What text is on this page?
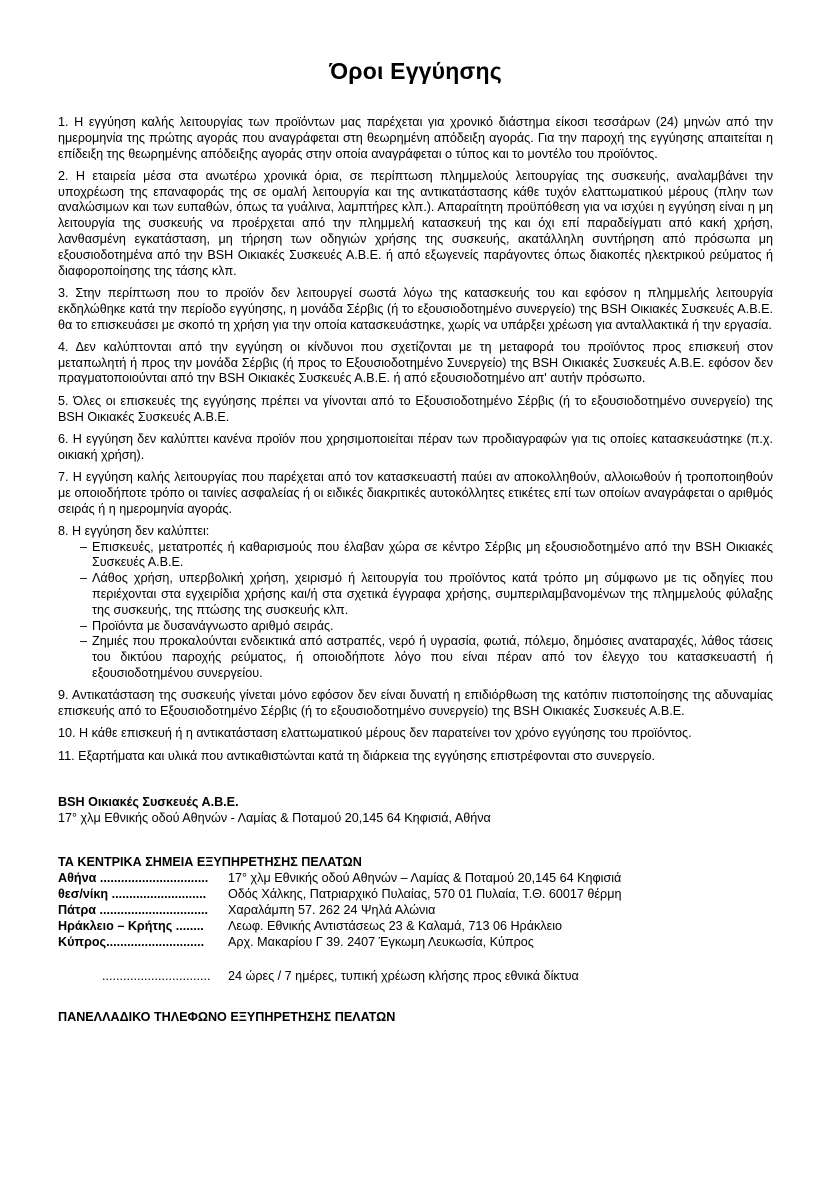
Όροι Εγγύησης

1. Η εγγύηση καλής λειτουργίας των προϊόντων μας παρέχεται για χρονικό διάστημα είκοσι τεσσάρων (24) μηνών από την ημερομηνία της πρώτης αγοράς που αναγράφεται στη θεωρημένη απόδειξη αγοράς. Για την παροχή της εγγύησης απαιτείται η επίδειξη της θεωρημένης απόδειξης αγοράς στην οποία αναγράφεται ο τύπος και το μοντέλο του προϊόντος.

2. Η εταιρεία μέσα στα ανωτέρω χρονικά όρια, σε περίπτωση πλημμελούς λειτουργίας της συσκευής, αναλαμβάνει την υποχρέωση της επαναφοράς της σε ομαλή λειτουργία και της αντικατάστασης κάθε τυχόν ελαττωματικού μέρους (πλην των αναλώσιμων και των ευπαθών, όπως τα γυάλινα, λαμπτήρες κλπ.). Απαραίτητη προϋπόθεση για να ισχύει η εγγύηση είναι η μη λειτουργία της συσκευής να προέρχεται από την πλημμελή κατασκευή της και όχι επί παραδείγματι από κακή χρήση, λανθασμένη εγκατάσταση, μη τήρηση των οδηγιών χρήσης της συσκευής, ακατάλληλη συντήρηση από πρόσωπα μη εξουσιοδοτημένα από την BSH Οικιακές Συσκευές Α.Β.Ε. ή από εξωγενείς παράγοντες όπως διακοπές ηλεκτρικού ρεύματος ή διαφοροποίησης της τάσης κλπ.

3. Στην περίπτωση που το προϊόν δεν λειτουργεί σωστά λόγω της κατασκευής του και εφόσον η πλημμελής λειτουργία εκδηλώθηκε κατά την περίοδο εγγύησης, η μονάδα Σέρβις (ή το εξουσιοδοτημένο συνεργείο) της BSH Οικιακές Συσκευές Α.Β.Ε. θα το επισκευάσει με σκοπό τη χρήση για την οποία κατασκευάστηκε, χωρίς να υπάρξει χρέωση για ανταλλακτικά ή την εργασία.

4. Δεν καλύπτονται από την εγγύηση οι κίνδυνοι που σχετίζονται με τη μεταφορά του προϊόντος προς επισκευή στον μεταπωλητή ή προς την μονάδα Σέρβις (ή προς το Εξουσιοδοτημένο Συνεργείο) της BSH Οικιακές Συσκευές Α.Β.Ε. εφόσον δεν πραγματοποιούνται από την BSH Οικιακές Συσκευές Α.Β.Ε. ή από εξουσιοδοτημένο απ' αυτήν πρόσωπο.

5. Όλες οι επισκευές της εγγύησης πρέπει να γίνονται από το Εξουσιοδοτημένο Σέρβις (ή το εξουσιοδοτημένο συνεργείο) της BSH Οικιακές Συσκευές Α.Β.Ε.

6. Η εγγύηση δεν καλύπτει κανένα προϊόν που χρησιμοποιείται πέραν των προδιαγραφών για τις οποίες κατασκευάστηκε (π.χ. οικιακή χρήση).

7. Η εγγύηση καλής λειτουργίας που παρέχεται από τον κατασκευαστή παύει αν αποκολληθούν, αλλοιωθούν ή τροποποιηθούν με οποιοδήποτε τρόπο οι ταινίες ασφαλείας ή οι ειδικές διακριτικές αυτοκόλλητες ετικέτες επί των οποίων αναγράφεται ο αριθμός σειράς ή η ημερομηνία αγοράς.

8. Η εγγύηση δεν καλύπτει:
– Επισκευές, μετατροπές ή καθαρισμούς που έλαβαν χώρα σε κέντρο Σέρβις μη εξουσιοδοτημένο από την BSH Οικιακές Συσκευές Α.Β.Ε.
– Λάθος χρήση, υπερβολική χρήση, χειρισμό ή λειτουργία του προϊόντος κατά τρόπο μη σύμφωνο με τις οδηγίες που περιέχονται στα εγχειρίδια χρήσης και/ή στα σχετικά έγγραφα χρήσης, συμπεριλαμβανομένων της πλημμελούς φύλαξης της συσκευής, της πτώσης της συσκευής κλπ.
– Προϊόντα με δυσανάγνωστο αριθμό σειράς.
– Ζημιές που προκαλούνται ενδεικτικά από αστραπές, νερό ή υγρασία, φωτιά, πόλεμο, δημόσιες αναταραχές, λάθος τάσεις του δικτύου παροχής ρεύματος, ή οποιοδήποτε λόγο που είναι πέραν από τον έλεγχο του κατασκευαστή ή εξουσιοδοτημένου συνεργείου.

9. Αντικατάσταση της συσκευής γίνεται μόνο εφόσον δεν είναι δυνατή η επιδιόρθωση της κατόπιν πιστοποίησης της αδυναμίας επισκευής από το Εξουσιοδοτημένο Σέρβις (ή το εξουσιοδοτημένο συνεργείο) της BSH Οικιακές Συσκευές Α.Β.Ε.

10. Η κάθε επισκευή ή η αντικατάσταση ελαττωματικού μέρους δεν παρατείνει τον χρόνο εγγύησης του προϊόντος.

11. Εξαρτήματα και υλικά που αντικαθιστώνται κατά τη διάρκεια της εγγύησης επιστρέφονται στο συνεργείο.

BSH Οικιακές Συσκευές Α.Β.Ε.
17° χλμ Εθνικής οδού Αθηνών - Λαμίας & Ποταμού 20,145 64 Κηφισιά, Αθήνα
ΤΑ ΚΕΝΤΡΙΚΑ ΣΗΜΕΙΑ ΕΞΥΠΗΡΕΤΗΣΗΣ ΠΕΛΑΤΩΝ
Αθήνα ...............................	17° χλμ Εθνικής οδού Αθηνών – Λαμίας & Ποταμού 20,145 64 Κηφισιά
θεσ/νίκη ...........................	Οδός Χάλκης, Πατριαρχικό Πυλαίας, 570 01 Πυλαία, Τ.Θ. 60017 θέρμη
Πάτρα ...............................	Χαραλάμπη 57. 262 24 Ψηλά Αλώνια
Ηράκλειο – Κρήτης ........	Λεωφ. Εθνικής Αντιστάσεως 23 & Καλαμά, 713 06 Ηράκλειο
Κύπρος............................	Αρχ. Μακαρίου Γ 39. 2407 Έγκωμη Λευκωσία, Κύπρος
...............................	24 ώρες / 7 ημέρες, τυπική χρέωση κλήσης προς εθνικά δίκτυα
ΠΑΝΕΛΛΑΔΙΚΟ ΤΗΛΕΦΩΝΟ ΕΞΥΠΗΡΕΤΗΣΗΣ ΠΕΛΑΤΩΝ
